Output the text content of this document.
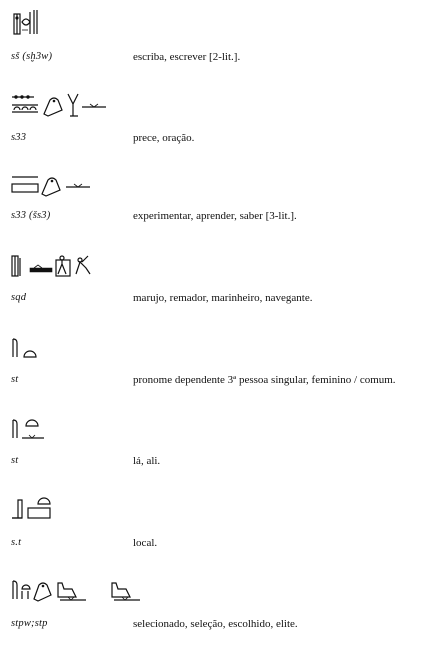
sš (sḫ3w)	escriba, escrever [2-lit.].
s33	prece, oração.
s33 (šs3)	experimentar, aprender, saber [3-lit.].
sqd	marujo, remador, marinheiro, navegante.
st	pronome dependente 3ª pessoa singular, feminino / comum.
st	lá, ali.
s.t	local.
stpw;stp	selecionado, seleção, escolhido, elite.
